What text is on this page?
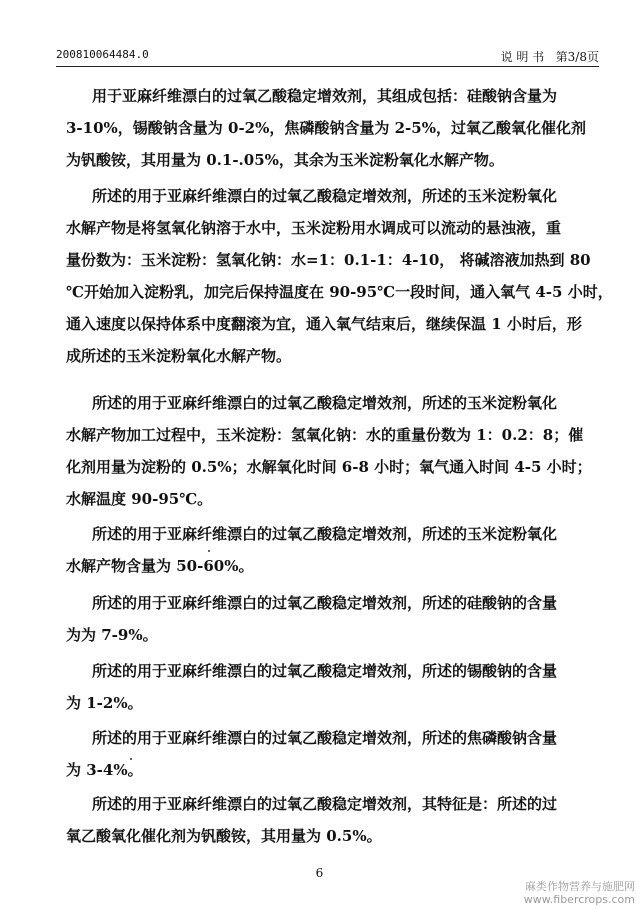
200810064484.0	说 明 书 第3/8页

用于亚麻纤维漂白的过氧乙酸稳定增效剂，其组成包括：硅酸钠含量为

3-10%，锡酸钠含量为 0-2%，焦磷酸钠含量为 2-5%，过氧乙酸氧化催化剂

为钒酸铵，其用量为 0.1-.05%，其余为玉米淀粉氧化水解产物。

所述的用于亚麻纤维漂白的过氧乙酸稳定增效剂，所述的玉米淀粉氧化

水解产物是将氢氧化钠溶于水中，玉米淀粉用水调成可以流动的悬浊液，重

量份数为：玉米淀粉：氢氧化钠：水=1：0.1-1：4-10， 将碱溶液加热到 80

℃开始加入淀粉乳，加完后保持温度在 90-95℃一段时间，通入氧气 4-5 小时，

通入速度以保持体系中度翻滚为宜，通入氧气结束后，继续保温 1 小时后，形

成所述的玉米淀粉氧化水解产物。

所述的用于亚麻纤维漂白的过氧乙酸稳定增效剂，所述的玉米淀粉氧化

水解产物加工过程中，玉米淀粉：氢氧化钠：水的重量份数为 1：0.2：8；催

化剂用量为淀粉的 0.5%；水解氧化时间 6-8 小时；氧气通入时间 4-5 小时；

水解温度 90-95℃。

所述的用于亚麻纤维漂白的过氧乙酸稳定增效剂，所述的玉米淀粉氧化

水解产物含量为 50-60%。

所述的用于亚麻纤维漂白的过氧乙酸稳定增效剂，所述的硅酸钠的含量

为为 7-9%。

所述的用于亚麻纤维漂白的过氧乙酸稳定增效剂，所述的锡酸钠的含量

为 1-2%。

所述的用于亚麻纤维漂白的过氧乙酸稳定增效剂，所述的焦磷酸钠含量

为 3-4%。

所述的用于亚麻纤维漂白的过氧乙酸稳定增效剂，其特征是：所述的过

氧乙酸氧化催化剂为钒酸铵，其用量为 0.5%。

6
麻类作物营养与施肥网
www.fibercrops.com
